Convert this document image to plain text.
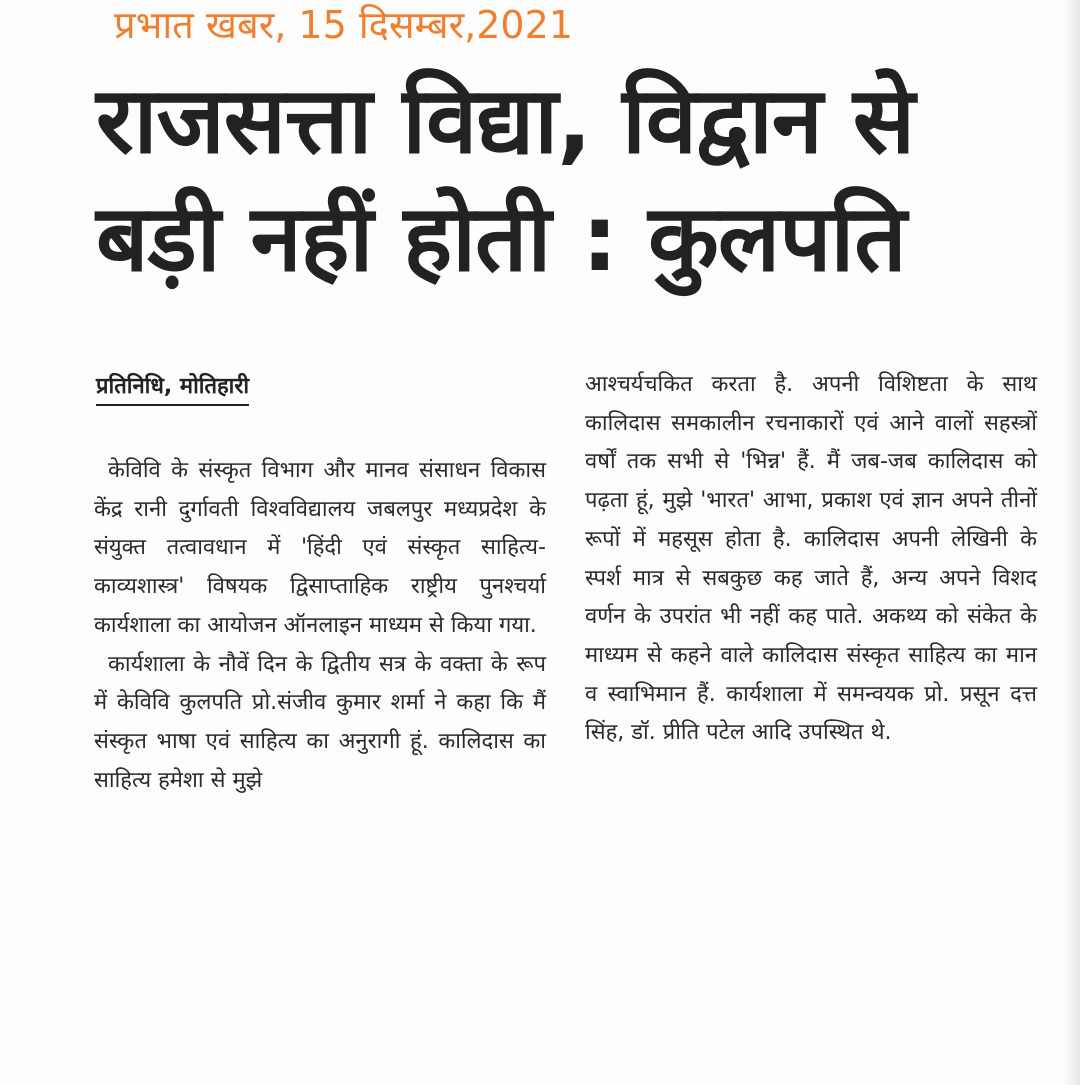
प्रभात खबर, 15 दिसम्बर,2021
राजसत्ता विद्या, विद्वान से
बड़ी नहीं होती : कुलपति
प्रतिनिधि, मोतिहारी

केविवि के संस्कृत विभाग और मानव संसाधन विकास केंद्र रानी दुर्गावती विश्वविद्यालय जबलपुर मध्यप्रदेश के संयुक्त तत्वावधान में 'हिंदी एवं संस्कृत साहित्य-काव्यशास्त्र' विषयक द्विसाप्ताहिक राष्ट्रीय पुनश्चर्या कार्यशाला का आयोजन ऑनलाइन माध्यम से किया गया.

कार्यशाला के नौवें दिन के द्वितीय सत्र के वक्ता के रूप में केविवि कुलपति प्रो.संजीव कुमार शर्मा ने कहा कि मैं संस्कृत भाषा एवं साहित्य का अनुरागी हूं. कालिदास का साहित्य हमेशा से मुझे

आश्चर्यचकित करता है. अपनी विशिष्टता के साथ कालिदास समकालीन रचनाकारों एवं आने वालों सहस्त्रों वर्षों तक सभी से 'भिन्न' हैं. मैं जब-जब कालिदास को पढ़ता हूं, मुझे 'भारत' आभा, प्रकाश एवं ज्ञान अपने तीनों रूपों में महसूस होता है. कालिदास अपनी लेखिनी के स्पर्श मात्र से सबकुछ कह जाते हैं, अन्य अपने विशद वर्णन के उपरांत भी नहीं कह पाते. अकथ्य को संकेत के माध्यम से कहने वाले कालिदास संस्कृत साहित्य का मान व स्वाभिमान हैं. कार्यशाला में समन्वयक प्रो. प्रसून दत्त सिंह, डॉ. प्रीति पटेल आदि उपस्थित थे.
